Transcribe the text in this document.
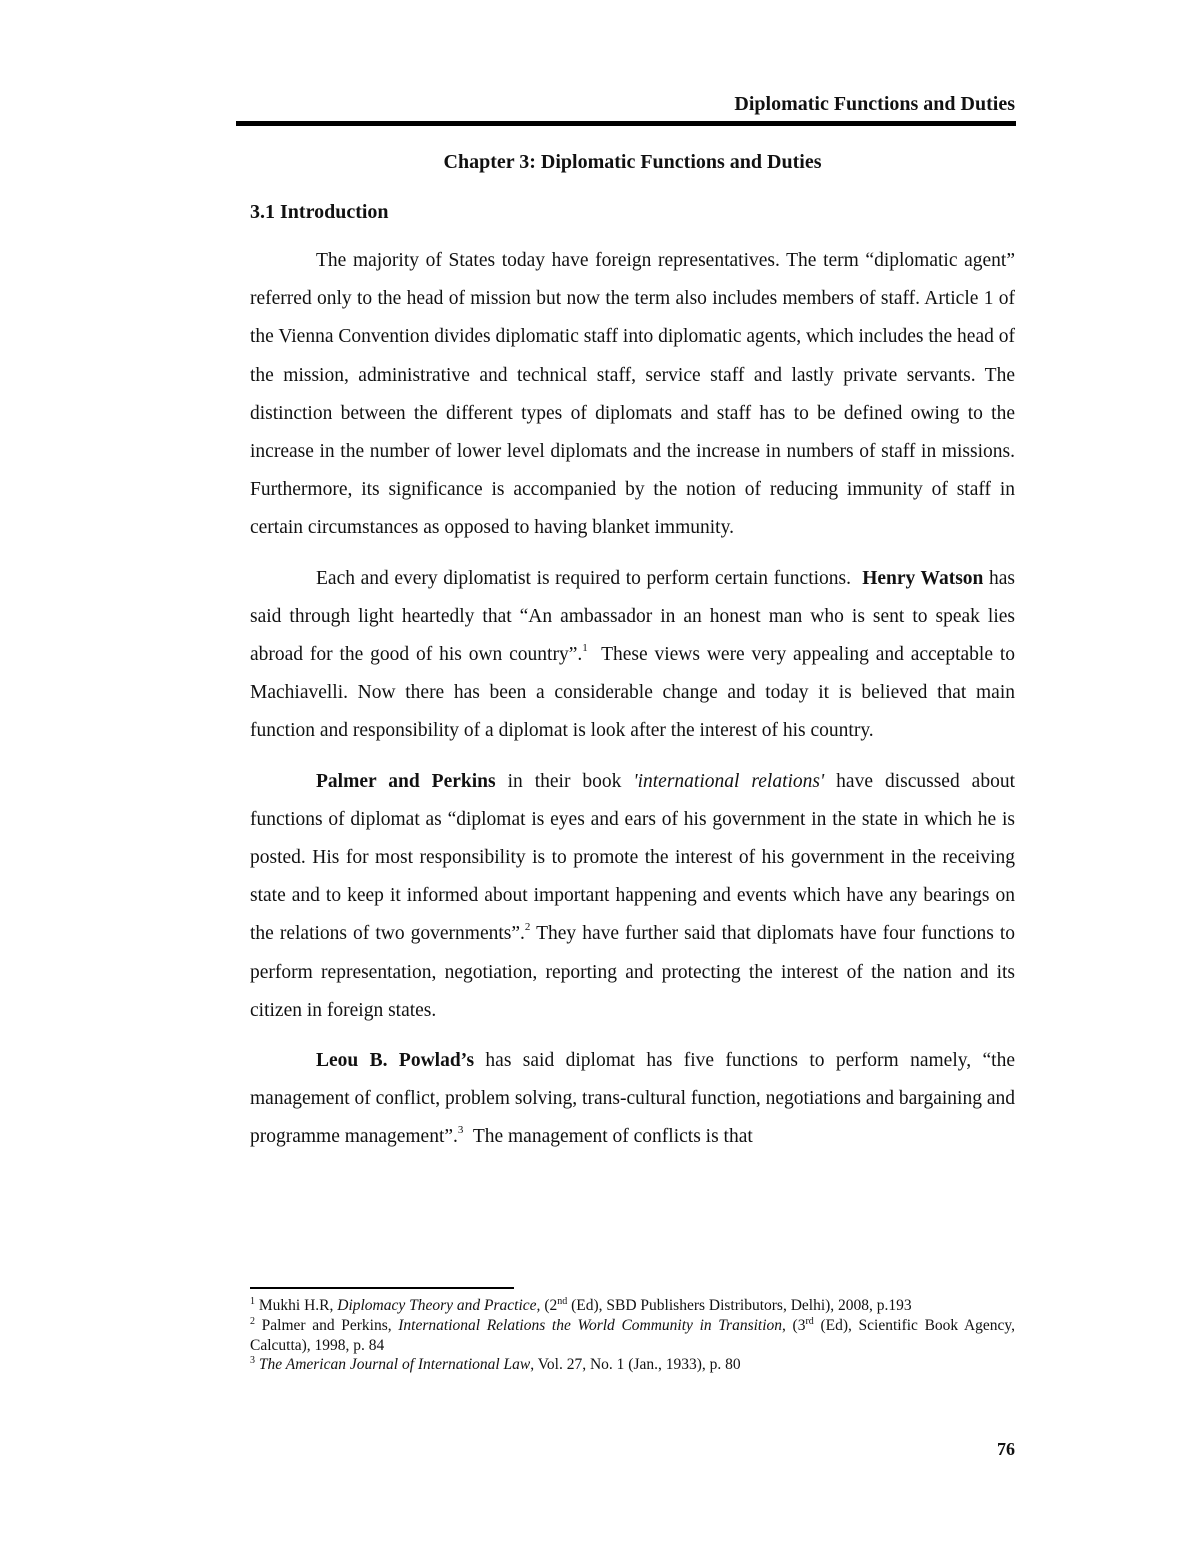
Diplomatic Functions and Duties
Chapter 3: Diplomatic Functions and Duties
3.1 Introduction

The majority of States today have foreign representatives. The term “diplomatic agent” referred only to the head of mission but now the term also includes members of staff. Article 1 of the Vienna Convention divides diplomatic staff into diplomatic agents, which includes the head of the mission, administrative and technical staff, service staff and lastly private servants. The distinction between the different types of diplomats and staff has to be defined owing to the increase in the number of lower level diplomats and the increase in numbers of staff in missions. Furthermore, its significance is accompanied by the notion of reducing immunity of staff in certain circumstances as opposed to having blanket immunity.

Each and every diplomatist is required to perform certain functions. Henry Watson has said through light heartedly that “An ambassador in an honest man who is sent to speak lies abroad for the good of his own country”.$^1$ These views were very appealing and acceptable to Machiavelli. Now there has been a considerable change and today it is believed that main function and responsibility of a diplomat is look after the interest of his country.

Palmer and Perkins in their book 'international relations' have discussed about functions of diplomat as “diplomat is eyes and ears of his government in the state in which he is posted. His for most responsibility is to promote the interest of his government in the receiving state and to keep it informed about important happening and events which have any bearings on the relations of two governments”.$^2$ They have further said that diplomats have four functions to perform representation, negotiation, reporting and protecting the interest of the nation and its citizen in foreign states.

Leou B. Powlad’s has said diplomat has five functions to perform namely, “the management of conflict, problem solving, trans-cultural function, negotiations and bargaining and programme management”.$^3$ The management of conflicts is that

$^1$ Mukhi H.R, Diplomacy Theory and Practice, (2nd (Ed), SBD Publishers Distributors, Delhi), 2008, p.193

$^2$ Palmer and Perkins, International Relations the World Community in Transition, (3rd (Ed), Scientific Book Agency, Calcutta), 1998, p. 84

$^3$ The American Journal of International Law, Vol. 27, No. 1 (Jan., 1933), p. 80

76
